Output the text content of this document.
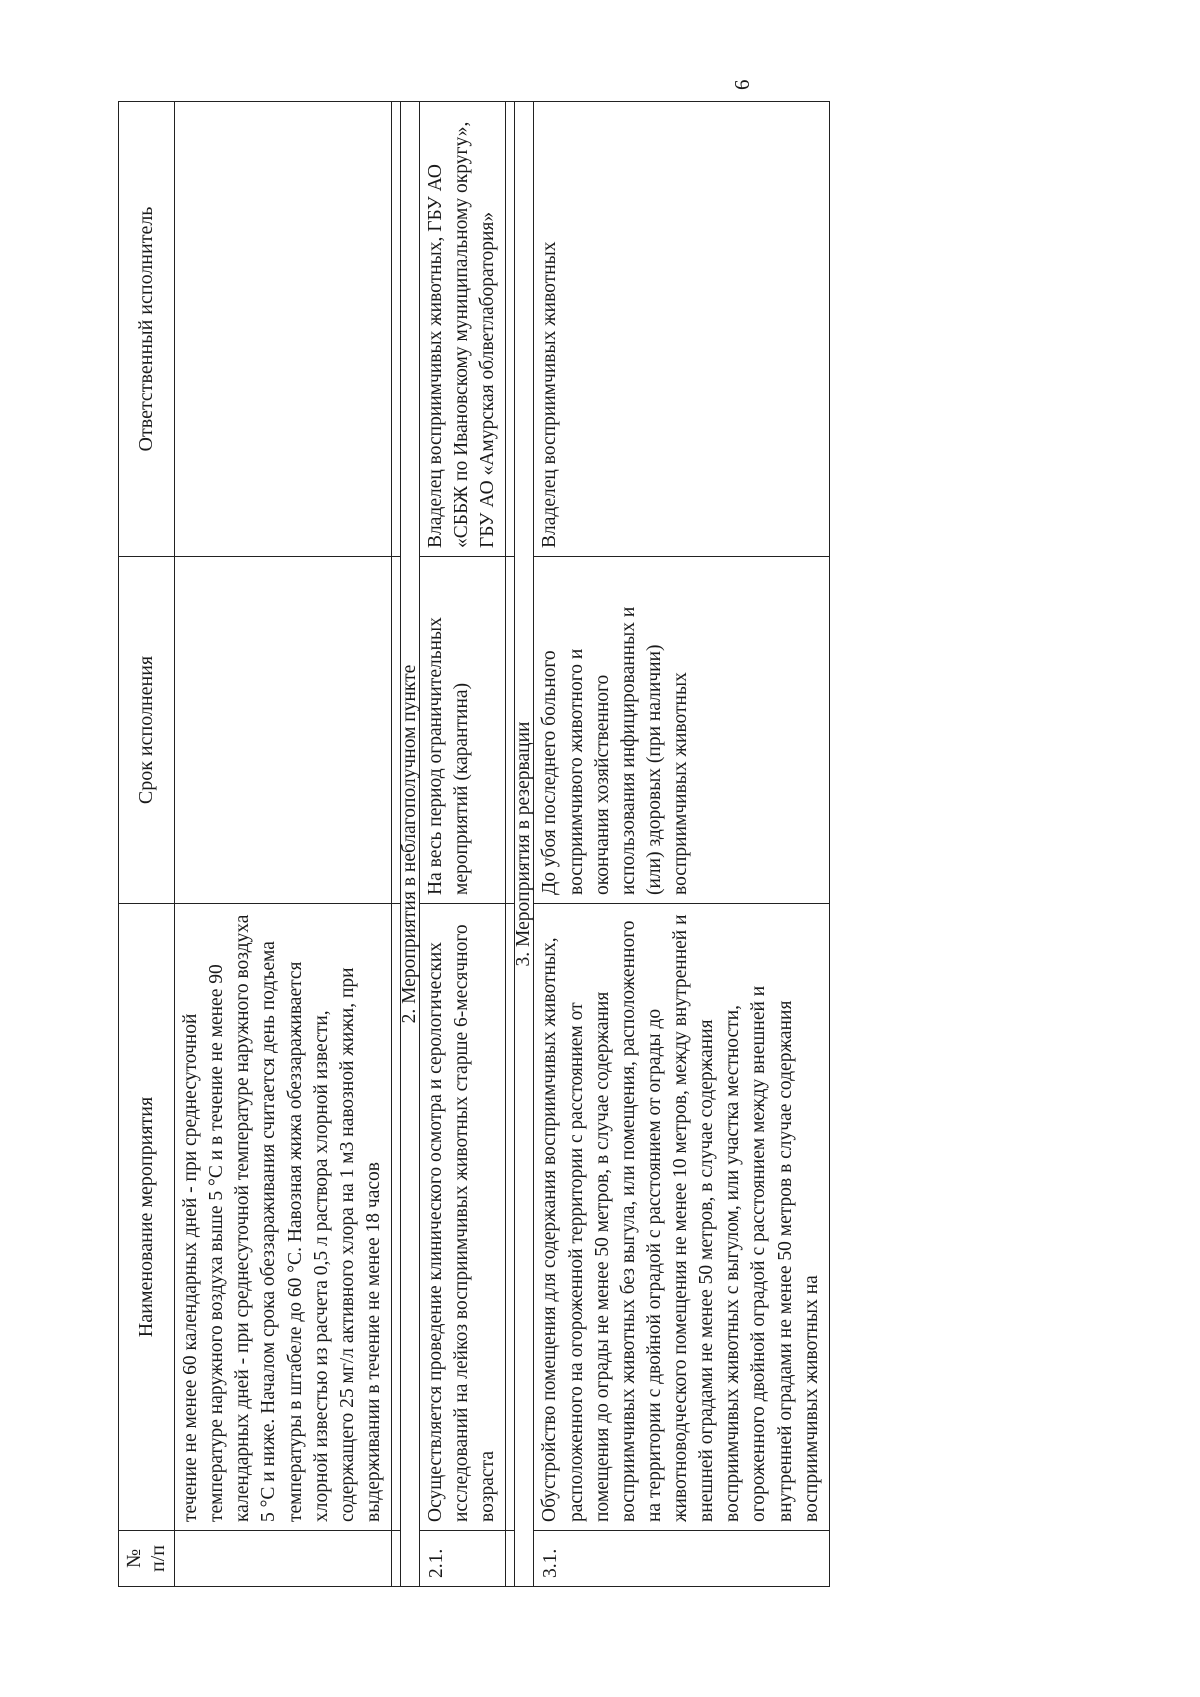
6
№ п/п	Наименование мероприятия	Срок исполнения	Ответственный исполнитель
	течение не менее 60 календарных дней - при среднесуточной температуре наружного воздуха выше 5 °С и в течение не менее 90 календарных дней - при среднесуточной температуре наружного воздуха 5 °С и ниже. Началом срока обеззараживания считается день подъема температуры в штабеле до 60 °С. Навозная жижа обеззараживается хлорной известью из расчета 0,5 л раствора хлорной извести, содержащего 25 мг/л активного хлора на 1 м3 навозной жижи, при выдерживании в течение не менее 18 часов		

2. Мероприятия в неблагополучном пункте			
2.1.	Осуществляется проведение клинического осмотра и серологических исследований на лейкоз восприимчивых животных старше 6-месячного возраста	На весь период ограничительных мероприятий (карантина)	Владелец восприимчивых животных, ГБУ АО «СББЖ по Ивановскому муниципальному округу», ГБУ АО «Амурская облветлаборатория»

3. Мероприятия в резервации			
3.1.	Обустройство помещения для содержания восприимчивых животных, расположенного на огороженной территории с расстоянием от помещения до ограды не менее 50 метров, в случае содержания восприимчивых животных без выгула, или помещения, расположенного на территории с двойной оградой с расстоянием от ограды до животноводческого помещения не менее 10 метров, между внутренней и внешней оградами не менее 50 метров, в случае содержания восприимчивых животных с выгулом, или участка местности, огороженного двойной оградой с расстоянием между внешней и внутренней оградами не менее 50 метров в случае содержания восприимчивых животных на	До убоя последнего больного восприимчивого животного и окончания хозяйственного использования инфицированных и (или) здоровых (при наличии) восприимчивых животных	Владелец восприимчивых животных
